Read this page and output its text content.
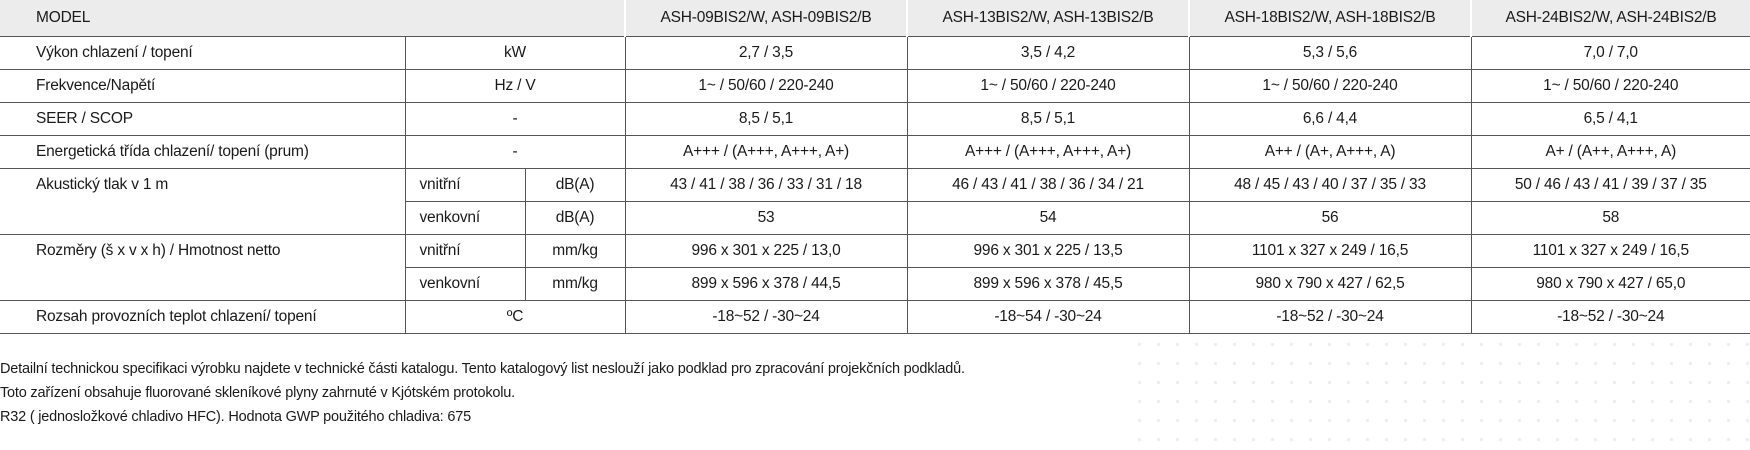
MODEL			ASH-09BIS2/W, ASH-09BIS2/B	ASH-13BIS2/W, ASH-13BIS2/B	ASH-18BIS2/W, ASH-18BIS2/B	ASH-24BIS2/W, ASH-24BIS2/B
Výkon chlazení / topení	kW		2,7 / 3,5	3,5 / 4,2	5,3 / 5,6	7,0 / 7,0
Frekvence/Napětí	Hz / V		1~ / 50/60 / 220-240	1~ / 50/60 / 220-240	1~ / 50/60 / 220-240	1~ / 50/60 / 220-240
SEER / SCOP	-		8,5 / 5,1	8,5 / 5,1	6,6 / 4,4	6,5 / 4,1
Energetická třída chlazení/ topení (prum)	-		A+++ / (A+++, A+++, A+)	A+++ / (A+++, A+++, A+)	A++ / (A+, A+++, A)	A+ / (A++, A+++, A)
Akustický tlak v 1 m	vnitřní	dB(A)	43 / 41 / 38 / 36 / 33 / 31 / 18	46 / 43 / 41 / 38 / 36 / 34 / 21	48 / 45 / 43 / 40 / 37 / 35 / 33	50 / 46 / 43 / 41 / 39 / 37 / 35
	venkovní	dB(A)	53	54	56	58
Rozměry (š x v x h) / Hmotnost netto	vnitřní	mm/kg	996 x 301 x 225 / 13,0	996 x 301 x 225 / 13,5	1101 x 327 x 249 / 16,5	1101 x 327 x 249 / 16,5
	venkovní	mm/kg	899 x 596 x 378 / 44,5	899 x 596 x 378 / 45,5	980 x 790 x 427 / 62,5	980 x 790 x 427 / 65,0
Rozsah provozních teplot chlazení/ topení	ºC		-18~52 / -30~24	-18~54 / -30~24	-18~52 / -30~24	-18~52 / -30~24
Detailní technickou specifikaci výrobku najdete v technické části katalogu. Tento katalogový list neslouží jako podklad pro zpracování projekčních podkladů.
Toto zařízení obsahuje fluorované skleníkové plyny zahrnuté v Kjótském protokolu.
R32 ( jednosložkové chladivo HFC). Hodnota GWP použitého chladiva: 675
